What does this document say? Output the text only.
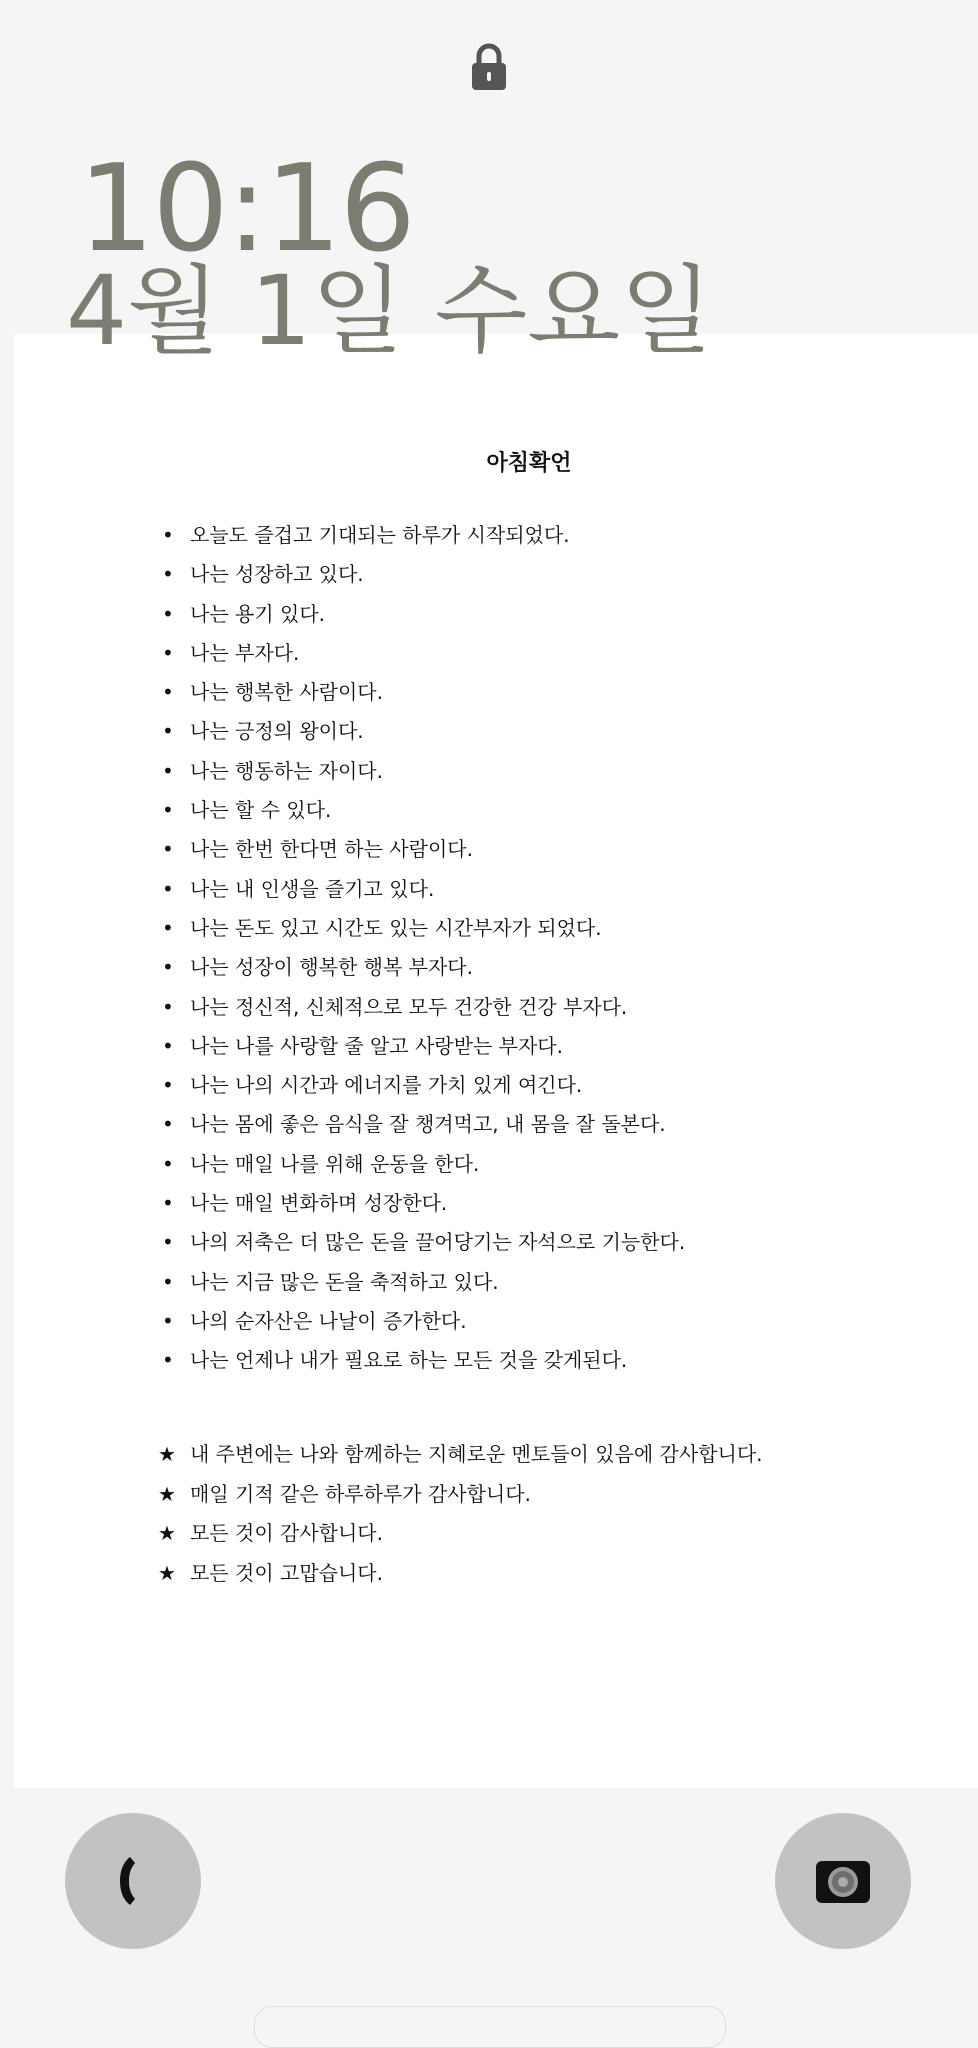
10:16
4월 1일 수요일
아침확언
• 오늘도 즐겁고 기대되는 하루가 시작되었다.
• 나는 성장하고 있다.
• 나는 용기 있다.
• 나는 부자다.
• 나는 행복한 사람이다.
• 나는 긍정의 왕이다.
• 나는 행동하는 자이다.
• 나는 할 수 있다.
• 나는 한번 한다면 하는 사람이다.
• 나는 내 인생을 즐기고 있다.
• 나는 돈도 있고 시간도 있는 시간부자가 되었다.
• 나는 성장이 행복한 행복 부자다.
• 나는 정신적, 신체적으로 모두 건강한 건강 부자다.
• 나는 나를 사랑할 줄 알고 사랑받는 부자다.
• 나는 나의 시간과 에너지를 가치 있게 여긴다.
• 나는 몸에 좋은 음식을 잘 챙겨먹고, 내 몸을 잘 돌본다.
• 나는 매일 나를 위해 운동을 한다.
• 나는 매일 변화하며 성장한다.
• 나의 저축은 더 많은 돈을 끌어당기는 자석으로 기능한다.
• 나는 지금 많은 돈을 축적하고 있다.
• 나의 순자산은 나날이 증가한다.
• 나는 언제나 내가 필요로 하는 모든 것을 갖게된다.
★ 내 주변에는 나와 함께하는 지혜로운 멘토들이 있음에 감사합니다.
★ 매일 기적 같은 하루하루가 감사합니다.
★ 모든 것이 감사합니다.
★ 모든 것이 고맙습니다.
